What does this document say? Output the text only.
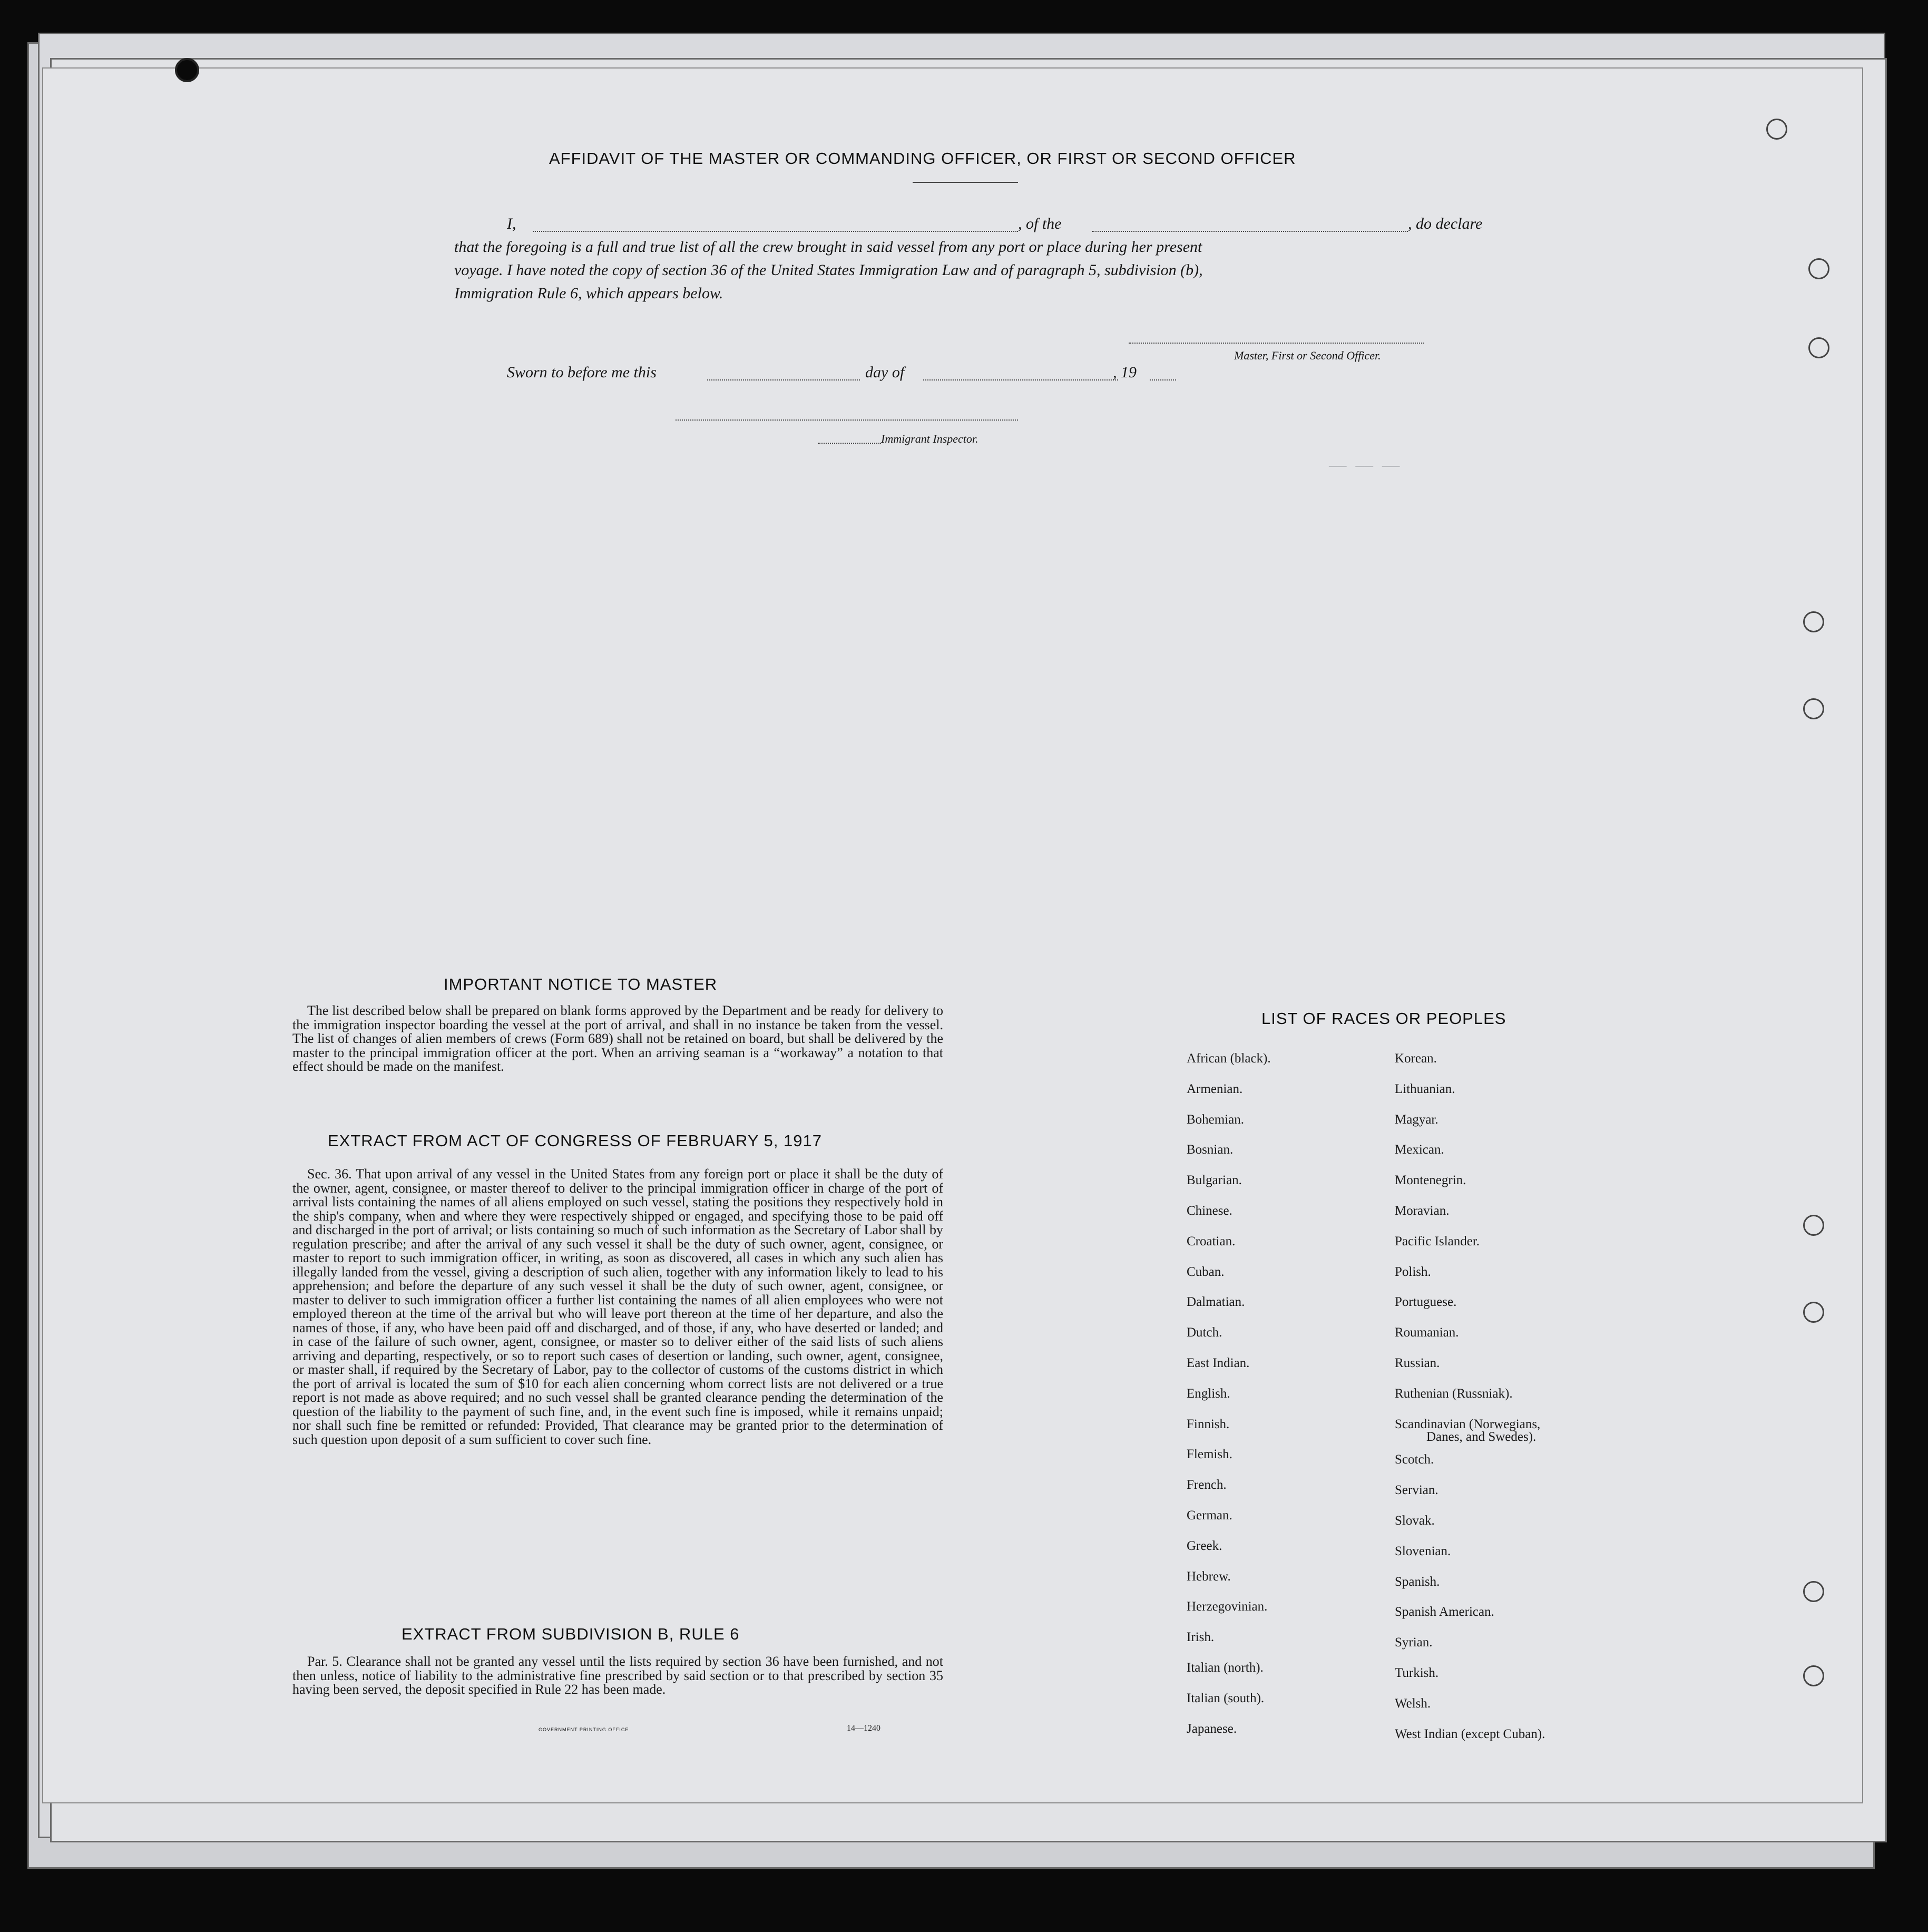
—— —— ——
AFFIDAVIT OF THE MASTER OR COMMANDING OFFICER, OR FIRST OR SECOND OFFICER
I,	, of the	, do declare
that the foregoing is a full and true list of all the crew brought in said vessel from any port or place during her present
voyage. I have noted the copy of section 36 of the United States Immigration Law and of paragraph 5, subdivision (b),
Immigration Rule 6, which appears below.
Master, First or Second Officer.
Sworn to before me this	day of	, 19
Immigrant Inspector.
IMPORTANT NOTICE TO MASTER

The list described below shall be prepared on blank forms approved by the Department and be ready for delivery to the immigration inspector boarding the vessel at the port of arrival, and shall in no instance be taken from the vessel. The list of changes of alien members of crews (Form 689) shall not be retained on board, but shall be delivered by the master to the principal immigration officer at the port. When an arriving seaman is a “workaway” a notation to that effect should be made on the manifest.

EXTRACT FROM ACT OF CONGRESS OF FEBRUARY 5, 1917

Sec. 36. That upon arrival of any vessel in the United States from any foreign port or place it shall be the duty of the owner, agent, consignee, or master thereof to deliver to the principal immigration officer in charge of the port of arrival lists containing the names of all aliens employed on such vessel, stating the positions they respectively hold in the ship's company, when and where they were respectively shipped or engaged, and specifying those to be paid off and discharged in the port of arrival; or lists containing so much of such information as the Secretary of Labor shall by regulation prescribe; and after the arrival of any such vessel it shall be the duty of such owner, agent, consignee, or master to report to such immigration officer, in writing, as soon as discovered, all cases in which any such alien has illegally landed from the vessel, giving a description of such alien, together with any information likely to lead to his apprehension; and before the departure of any such vessel it shall be the duty of such owner, agent, consignee, or master to deliver to such immigration officer a further list containing the names of all alien employees who were not employed thereon at the time of the arrival but who will leave port thereon at the time of her departure, and also the names of those, if any, who have been paid off and discharged, and of those, if any, who have deserted or landed; and in case of the failure of such owner, agent, consignee, or master so to deliver either of the said lists of such aliens arriving and departing, respectively, or so to report such cases of desertion or landing, such owner, agent, consignee, or master shall, if required by the Secretary of Labor, pay to the collector of customs of the customs district in which the port of arrival is located the sum of $10 for each alien concerning whom correct lists are not delivered or a true report is not made as above required; and no such vessel shall be granted clearance pending the determination of the question of the liability to the payment of such fine, and, in the event such fine is imposed, while it remains unpaid; nor shall such fine be remitted or refunded: Provided, That clearance may be granted prior to the determination of such question upon deposit of a sum sufficient to cover such fine.

EXTRACT FROM SUBDIVISION B, RULE 6

Par. 5. Clearance shall not be granted any vessel until the lists required by section 36 have been furnished, and not then unless, notice of liability to the administrative fine prescribed by said section or to that prescribed by section 35 having been served, the deposit specified in Rule 22 has been made.

GOVERNMENT PRINTING OFFICE	14—1240
LIST OF RACES OR PEOPLES
African (black).
Armenian.
Bohemian.
Bosnian.
Bulgarian.
Chinese.
Croatian.
Cuban.
Dalmatian.
Dutch.
East Indian.
English.
Finnish.
Flemish.
French.
German.
Greek.
Hebrew.
Herzegovinian.
Irish.
Italian (north).
Italian (south).
Japanese.
Korean.
Lithuanian.
Magyar.
Mexican.
Montenegrin.
Moravian.
Pacific Islander.
Polish.
Portuguese.
Roumanian.
Russian.
Ruthenian (Russniak).
Scandinavian (Norwegians,
Scotch.
Servian.
Slovak.
Slovenian.
Spanish.
Spanish American.
Syrian.
Turkish.
Welsh.
West Indian (except Cuban).
Danes, and Swedes).
